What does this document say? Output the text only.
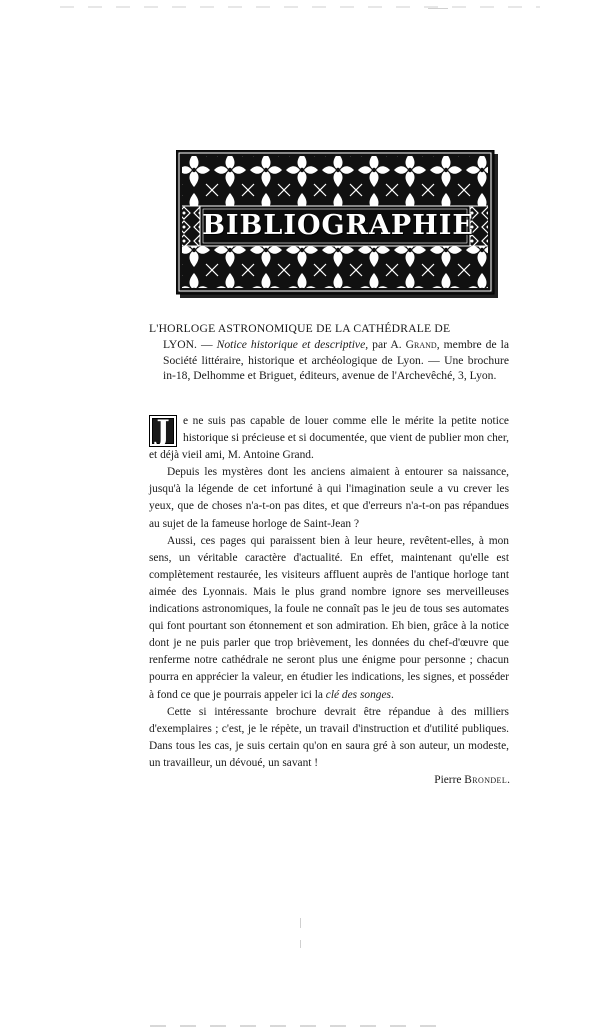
BIBLIOGRAPHIE
L'HORLOGE ASTRONOMIQUE DE LA CATHÉDRALE DE
LYON. — Notice historique et descriptive, par A. Grand, membre de la Société littéraire, historique et archéologique de Lyon. — Une brochure in-18, Delhomme et Briguet, éditeurs, avenue de l'Archevêché, 3, Lyon.

J	e ne suis pas capable de louer comme elle le mérite la petite notice historique si précieuse et si documentée, que vient de publier mon cher, et déjà vieil ami, M. Antoine Grand.

Depuis les mystères dont les anciens aimaient à entourer sa naissance, jusqu'à la légende de cet infortuné à qui l'imagination seule a vu crever les yeux, que de choses n'a-t-on pas dites, et que d'erreurs n'a-t-on pas répandues au sujet de la fameuse horloge de Saint-Jean ?

Aussi, ces pages qui paraissent bien à leur heure, revêtent-elles, à mon sens, un véritable caractère d'actualité. En effet, maintenant qu'elle est complètement restaurée, les visiteurs affluent auprès de l'antique horloge tant aimée des Lyonnais. Mais le plus grand nombre ignore ses merveilleuses indications astronomiques, la foule ne connaît pas le jeu de tous ses automates qui font pourtant son étonnement et son admiration. Eh bien, grâce à la notice dont je ne puis parler que trop brièvement, les données du chef-d'œuvre que renferme notre cathédrale ne seront plus une énigme pour personne ; chacun pourra en apprécier la valeur, en étudier les indications, les signes, et posséder à fond ce que je pourrais appeler ici la clé des songes.

Cette si intéressante brochure devrait être répandue à des milliers d'exemplaires ; c'est, je le répète, un travail d'instruction et d'utilité publiques. Dans tous les cas, je suis certain qu'on en saura gré à son auteur, un modeste, un travailleur, un dévoué, un savant !

Pierre Brondel.
